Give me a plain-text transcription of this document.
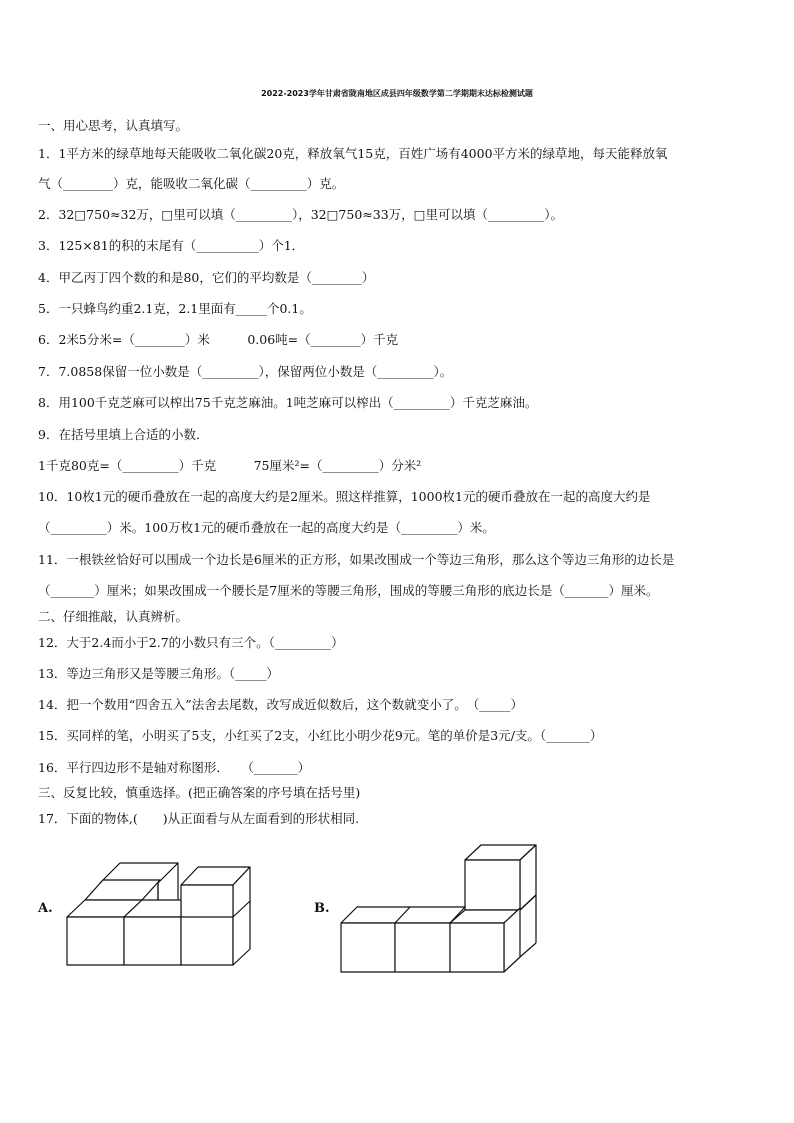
2022-2023学年甘肃省陇南地区成县四年级数学第二学期期末达标检测试题
一、用心思考，认真填写。
1．1平方米的绿草地每天能吸收二氧化碳20克，释放氧气15克，百姓广场有4000平方米的绿草地，每天能释放氧
气（________）克，能吸收二氧化碳（_________）克。
2．32□750≈32万，□里可以填（_________），32□750≈33万，□里可以填（_________）。
3．125×81的积的末尾有（__________）个1．
4．甲乙丙丁四个数的和是80，它们的平均数是（________）
5．一只蜂鸟约重2.1克，2.1里面有_____个0.1。
6．2米5分米=（________）米　　　0.06吨=（________）千克
7．7.0858保留一位小数是（_________），保留两位小数是（_________）。
8．用100千克芝麻可以榨出75千克芝麻油。1吨芝麻可以榨出（_________）千克芝麻油。
9．在括号里填上合适的小数．
1千克80克=（_________）千克　　　75厘米²=（_________）分米²
10．10枚1元的硬币叠放在一起的高度大约是2厘米。照这样推算，1000枚1元的硬币叠放在一起的高度大约是
（_________）米。100万枚1元的硬币叠放在一起的高度大约是（_________）米。
11．一根铁丝恰好可以围成一个边长是6厘米的正方形，如果改围成一个等边三角形，那么这个等边三角形的边长是
（_______）厘米；如果改围成一个腰长是7厘米的等腰三角形，围成的等腰三角形的底边长是（_______）厘米。
二、仔细推敲，认真辨析。
12．大于2.4而小于2.7的小数只有三个。（_________）
13．等边三角形又是等腰三角形。（_____）
14．把一个数用“四舍五入”法舍去尾数，改写成近似数后，这个数就变小了。　（_____）
15．买同样的笔，小明买了5支，小红买了2支，小红比小明少花9元。笔的单价是3元/支。（_______）
16．平行四边形不是轴对称图形．　　（_______）
三、反复比较，慎重选择。(把正确答案的序号填在括号里)
17．下面的物体,(　　)从正面看与从左面看到的形状相同.
A.	B.
